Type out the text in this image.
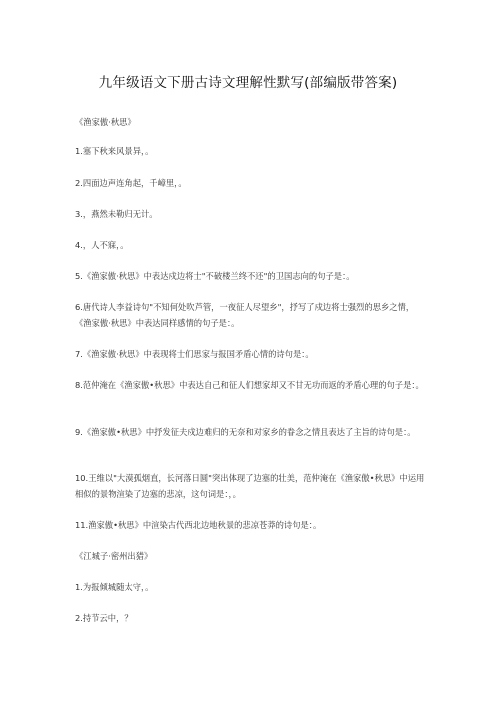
九年级语文下册古诗文理解性默写(部编版带答案)
《渔家傲·秋思》
1.塞下秋来风景异，。
2.四面边声连角起，千嶂里，。
3.，燕然未勒归无计。
4.，人不寐，。
5.《渔家傲·秋思》中表达戍边将士"不破楼兰终不还"的卫国志向的句子是：。
6.唐代诗人李益诗句"不知何处吹芦管，一夜征人尽望乡"，抒写了戍边将士强烈的思乡之情，《渔家傲·秋思》中表达同样感情的句子是：。
7.《渔家傲·秋思》中表现将士们思家与报国矛盾心情的诗句是：。
8.范仲淹在《渔家傲•秋思》中表达自己和征人们想家却又不甘无功而返的矛盾心理的句子是：。
9.《渔家傲•秋思》中抒发征夫戍边难归的无奈和对家乡的眷念之情且表达了主旨的诗句是：。
10.王维以"大漠孤烟直，长河落日圆"突出体现了边塞的壮美，范仲淹在《渔家傲•秋思》中运用相似的景物渲染了边塞的悲凉，这句词是：，。
11.渔家傲•秋思》中渲染古代西北边地秋景的悲凉苍莽的诗句是：。
《江城子·密州出猎》
1.为报倾城随太守，。
2.持节云中，？
